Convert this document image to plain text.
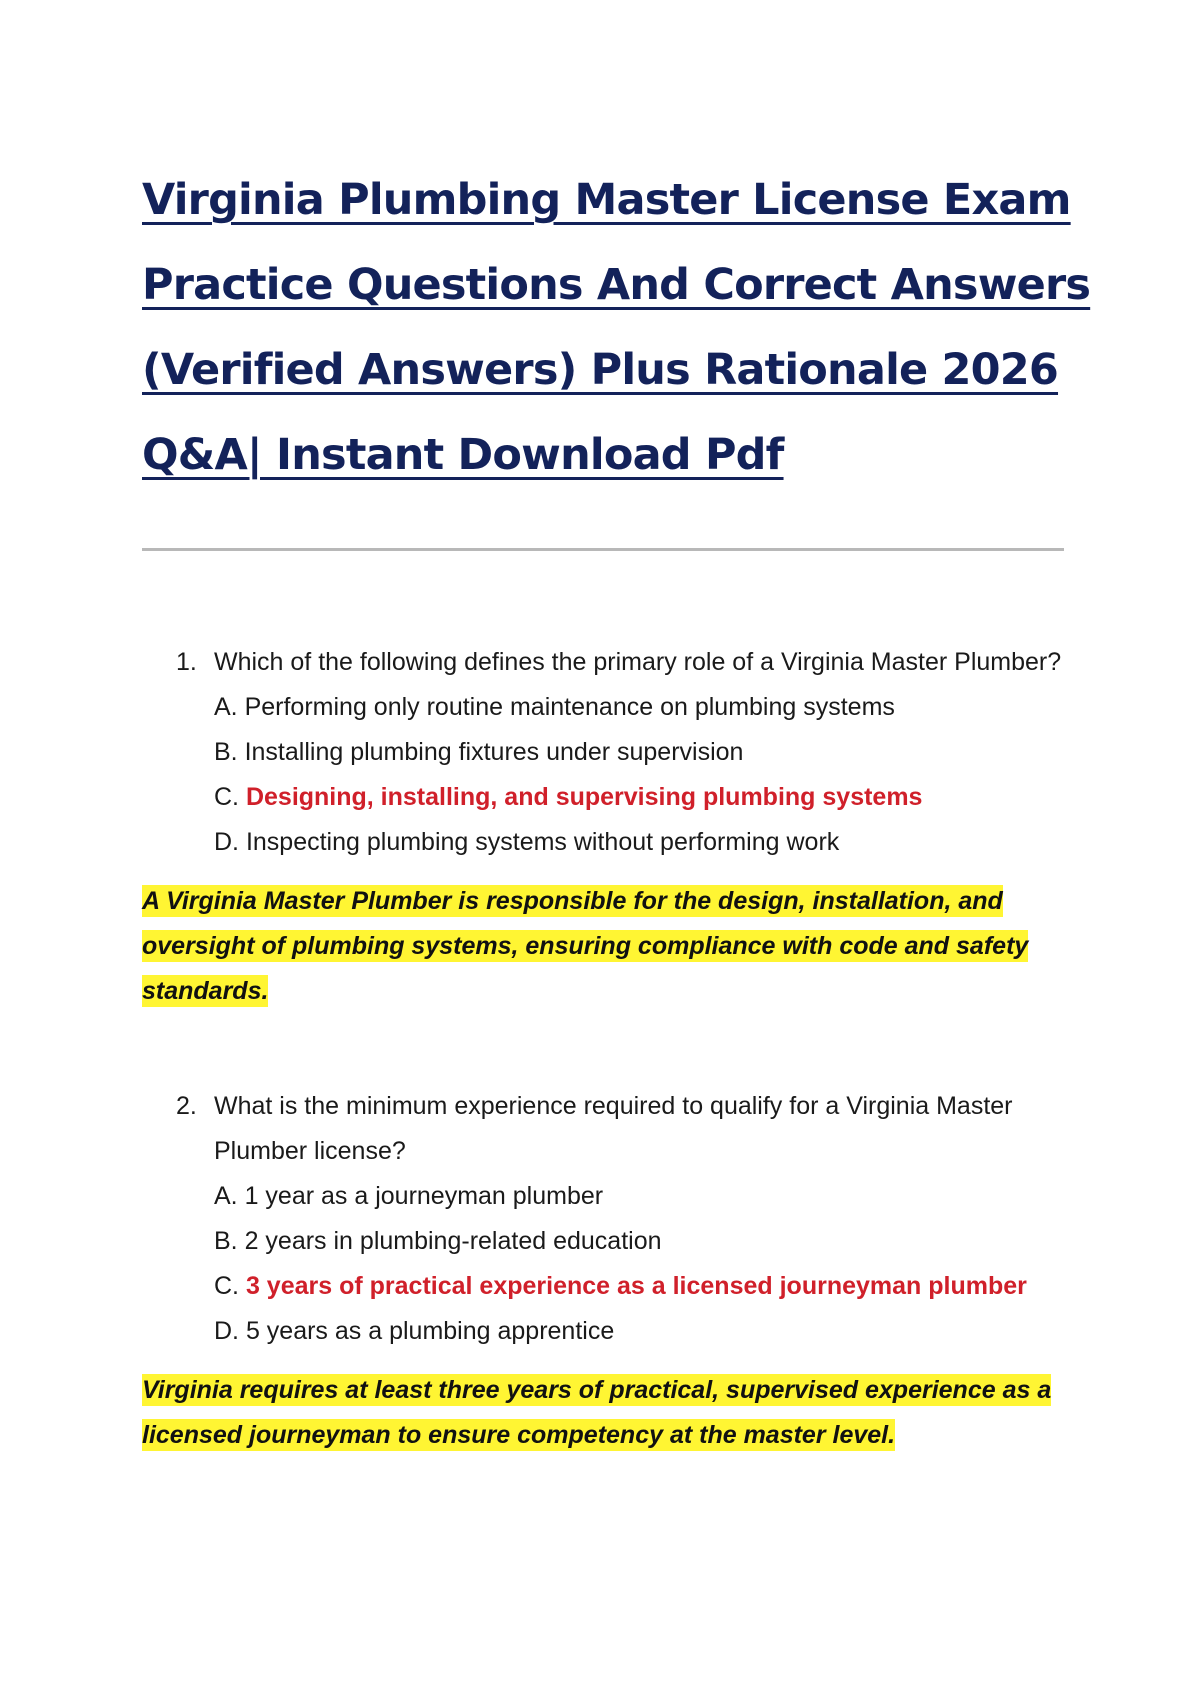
Virginia Plumbing Master License Exam
Practice Questions And Correct Answers
(Verified Answers) Plus Rationale 2026
Q&A| Instant Download Pdf

1. Which of the following defines the primary role of a Virginia Master Plumber?

A. Performing only routine maintenance on plumbing systems
B. Installing plumbing fixtures under supervision
C. Designing, installing, and supervising plumbing systems
D. Inspecting plumbing systems without performing work

A Virginia Master Plumber is responsible for the design, installation, and oversight of plumbing systems, ensuring compliance with code and safety standards.

2. What is the minimum experience required to qualify for a Virginia Master Plumber license?

A. 1 year as a journeyman plumber
B. 2 years in plumbing-related education
C. 3 years of practical experience as a licensed journeyman plumber
D. 5 years as a plumbing apprentice

Virginia requires at least three years of practical, supervised experience as a licensed journeyman to ensure competency at the master level.
